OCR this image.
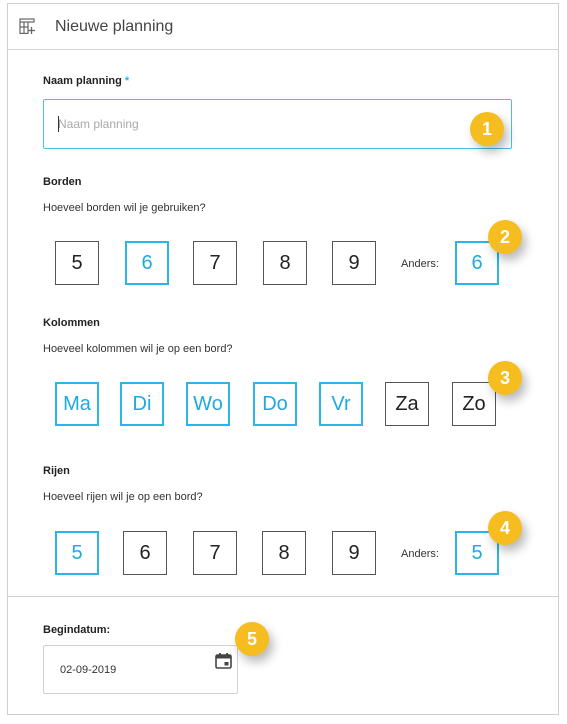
Nieuwe planning
Naam planning *
Naam planning
1
Borden
Hoeveel borden wil je gebruiken?
5	6	7	8	9	Anders:	6
2
Kolommen
Hoeveel kolommen wil je op een bord?
Ma	Di	Wo	Do	Vr	Za	Zo
3
Rijen
Hoeveel rijen wil je op een bord?
5	6	7	8	9	Anders:	5
4
Begindatum:
02-09-2019
5
